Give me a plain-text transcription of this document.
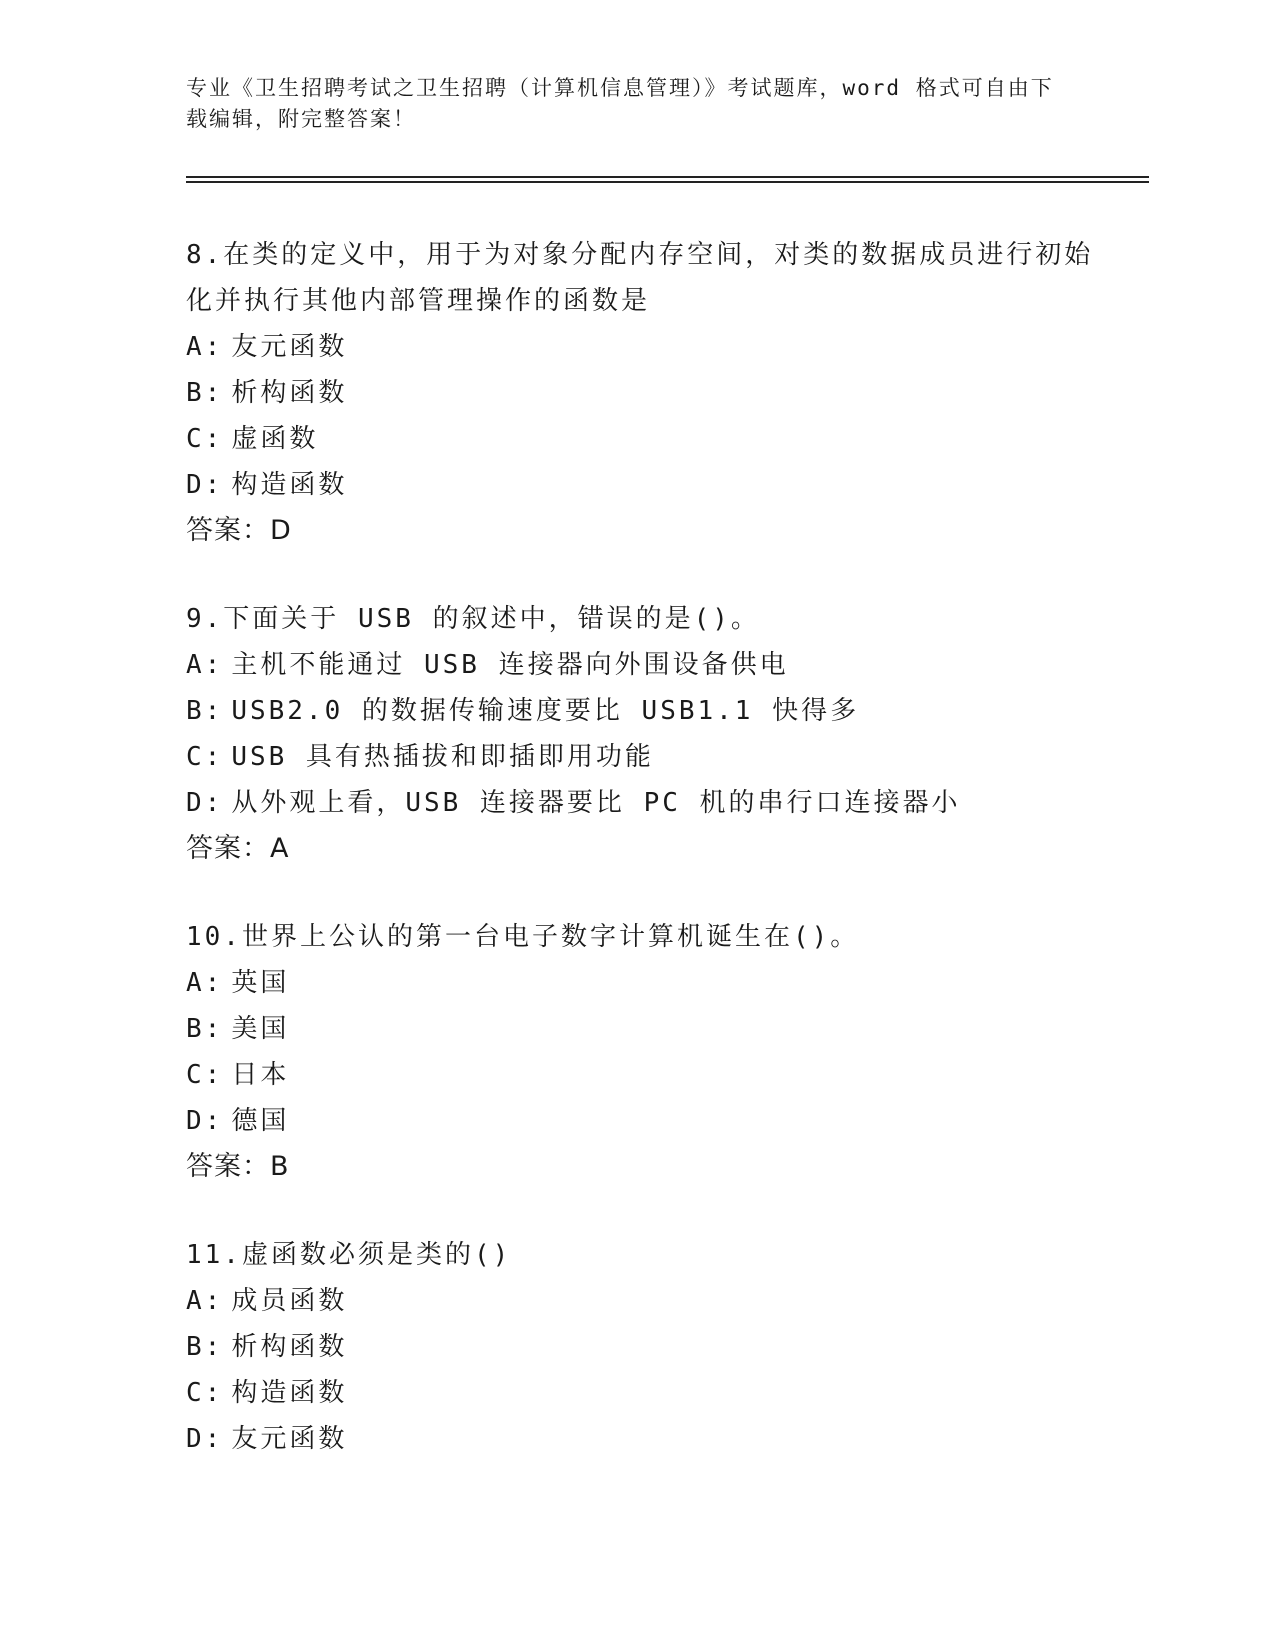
专业《卫生招聘考试之卫生招聘（计算机信息管理）》考试题库，word 格式可自由下载编辑，附完整答案！
8.在类的定义中，用于为对象分配内存空间，对类的数据成员进行初始化并执行其他内部管理操作的函数是
A: 友元函数
B: 析构函数
C: 虚函数
D: 构造函数
答案：D
9.下面关于 USB 的叙述中，错误的是()。
A: 主机不能通过 USB 连接器向外围设备供电
B: USB2.0 的数据传输速度要比 USB1.1 快得多
C: USB 具有热插拔和即插即用功能
D: 从外观上看，USB 连接器要比 PC 机的串行口连接器小
答案：A
10.世界上公认的第一台电子数字计算机诞生在()。
A: 英国
B: 美国
C: 日本
D: 德国
答案：B
11.虚函数必须是类的()
A: 成员函数
B: 析构函数
C: 构造函数
D: 友元函数
